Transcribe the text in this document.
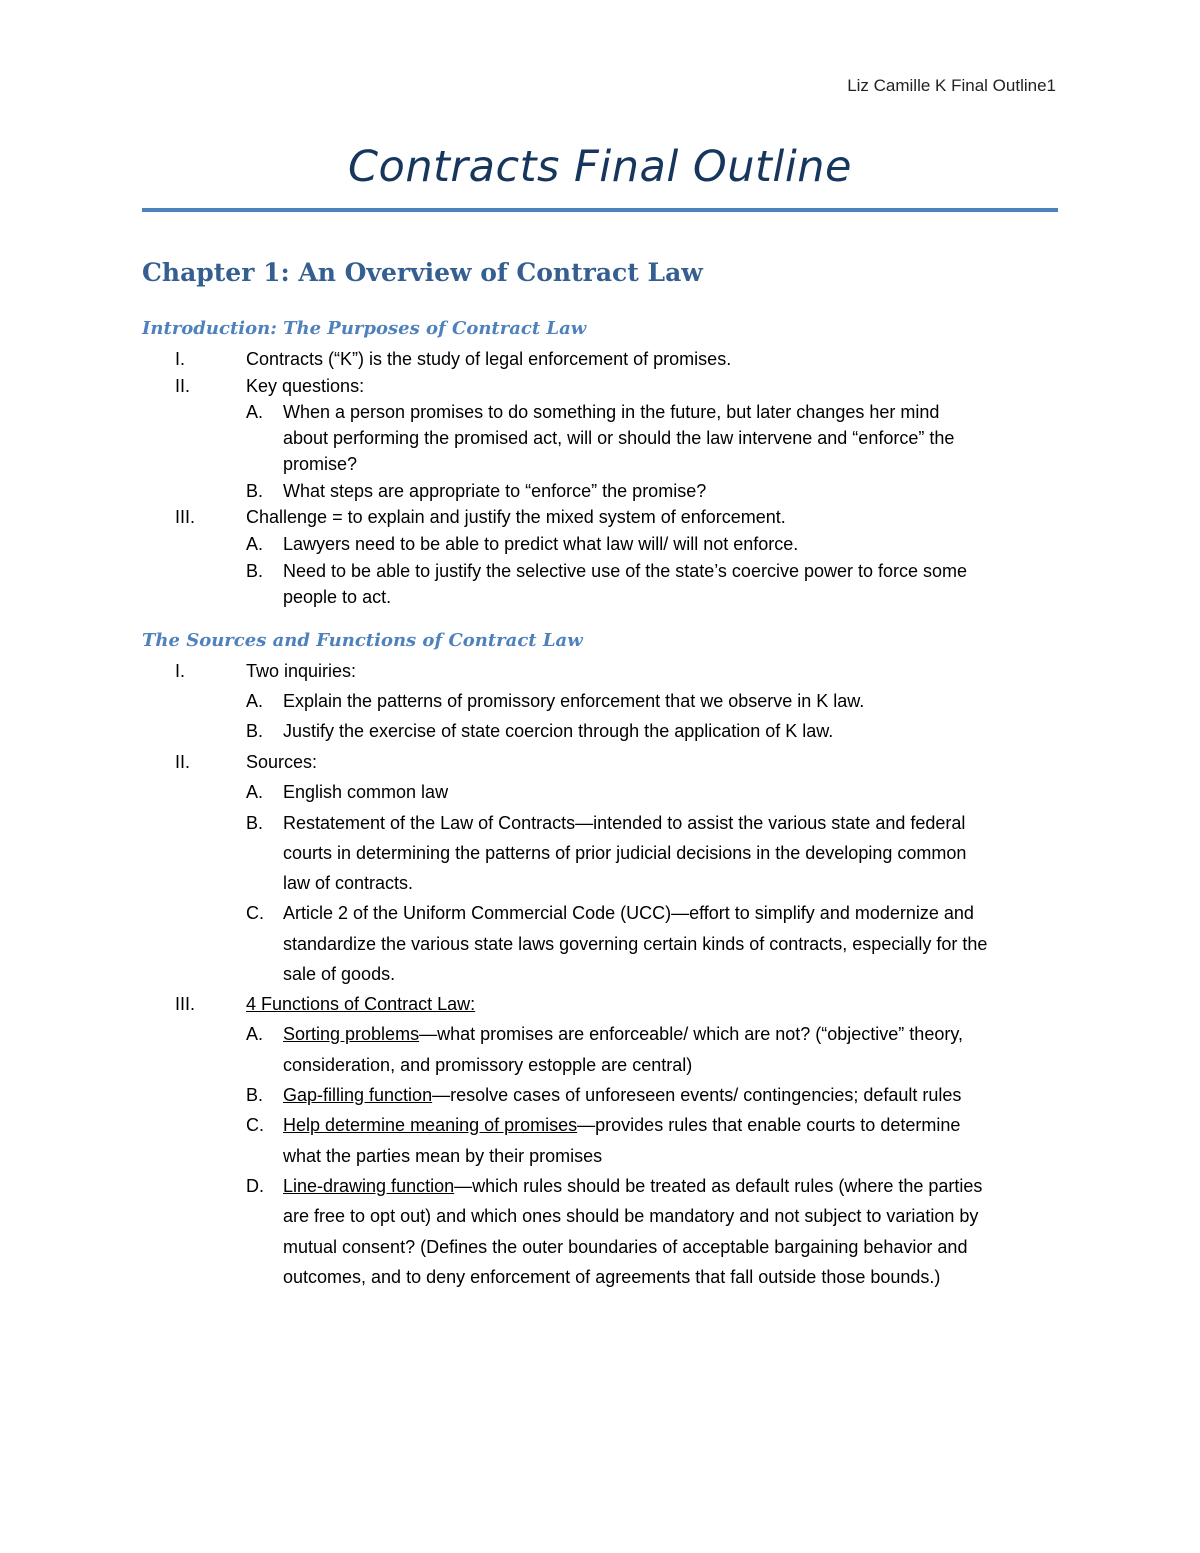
Liz Camille K Final Outline1
Contracts Final Outline
Chapter 1: An Overview of Contract Law
Introduction: The Purposes of Contract Law
I.	Contracts (“K”) is the study of legal enforcement of promises.
II.	Key questions:
A. When a person promises to do something in the future, but later changes her mind
about performing the promised act, will or should the law intervene and “enforce” the
promise?
B. What steps are appropriate to “enforce” the promise?
III.	Challenge = to explain and justify the mixed system of enforcement.
A. Lawyers need to be able to predict what law will/ will not enforce.
B. Need to be able to justify the selective use of the state’s coercive power to force some
people to act.
The Sources and Functions of Contract Law
I.	Two inquiries:
A. Explain the patterns of promissory enforcement that we observe in K law.
B. Justify the exercise of state coercion through the application of K law.
II.	Sources:
A. English common law
B. Restatement of the Law of Contracts—intended to assist the various state and federal
courts in determining the patterns of prior judicial decisions in the developing common
law of contracts.
C. Article 2 of the Uniform Commercial Code (UCC)—effort to simplify and modernize and
standardize the various state laws governing certain kinds of contracts, especially for the
sale of goods.
III.	4 Functions of Contract Law:
A. Sorting problems—what promises are enforceable/ which are not? (“objective” theory,
consideration, and promissory estopple are central)
B. Gap-filling function—resolve cases of unforeseen events/ contingencies; default rules
C. Help determine meaning of promises—provides rules that enable courts to determine
what the parties mean by their promises
D. Line-drawing function—which rules should be treated as default rules (where the parties
are free to opt out) and which ones should be mandatory and not subject to variation by
mutual consent? (Defines the outer boundaries of acceptable bargaining behavior and
outcomes, and to deny enforcement of agreements that fall outside those bounds.)
